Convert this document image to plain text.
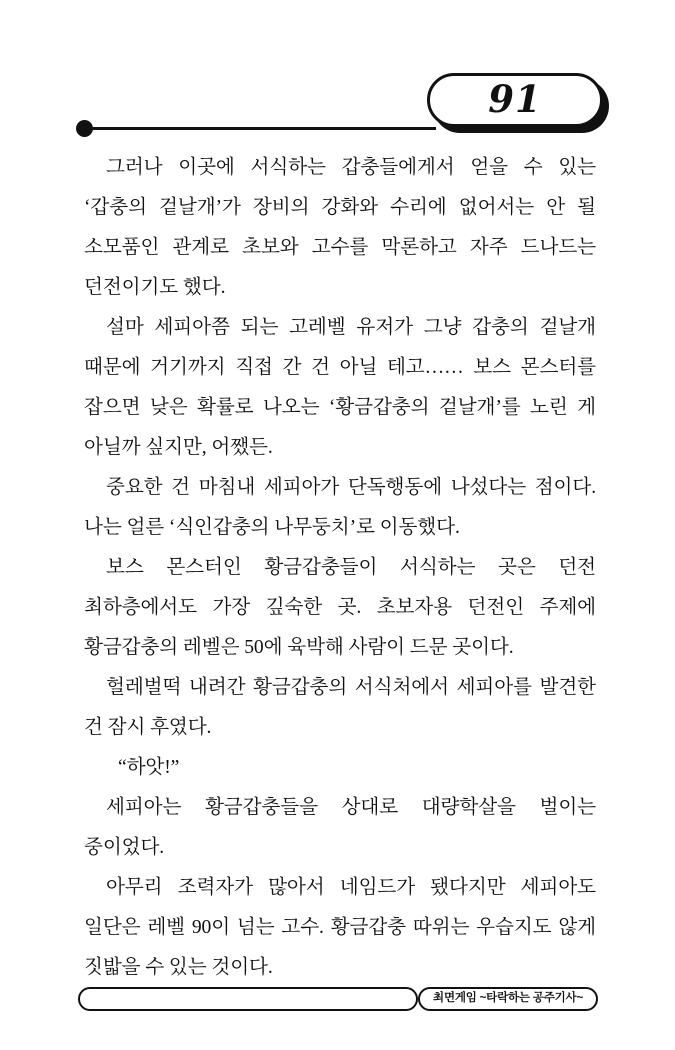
91

그러나 이곳에 서식하는 갑충들에게서 얻을 수 있는 ‘갑충의 겉날개’가 장비의 강화와 수리에 없어서는 안 될 소모품인 관계로 초보와 고수를 막론하고 자주 드나드는 던전이기도 했다.

설마 세피아쯤 되는 고레벨 유저가 그냥 갑충의 겉날개 때문에 거기까지 직접 간 건 아닐 테고…… 보스 몬스터를 잡으면 낮은 확률로 나오는 ‘황금갑충의 겉날개’를 노린 게 아닐까 싶지만, 어쨌든.

중요한 건 마침내 세피아가 단독행동에 나섰다는 점이다. 나는 얼른 ‘식인갑충의 나무둥치’로 이동했다.

보스 몬스터인 황금갑충들이 서식하는 곳은 던전 최하층에서도 가장 깊숙한 곳. 초보자용 던전인 주제에 황금갑충의 레벨은 50에 육박해 사람이 드문 곳이다.

헐레벌떡 내려간 황금갑충의 서식처에서 세피아를 발견한 건 잠시 후였다.

“하앗!”

세피아는 황금갑충들을 상대로 대량학살을 벌이는 중이었다.

아무리 조력자가 많아서 네임드가 됐다지만 세피아도 일단은 레벨 90이 넘는 고수. 황금갑충 따위는 우습지도 않게 짓밟을 수 있는 것이다.

최면게임 ~타락하는 공주기사~
